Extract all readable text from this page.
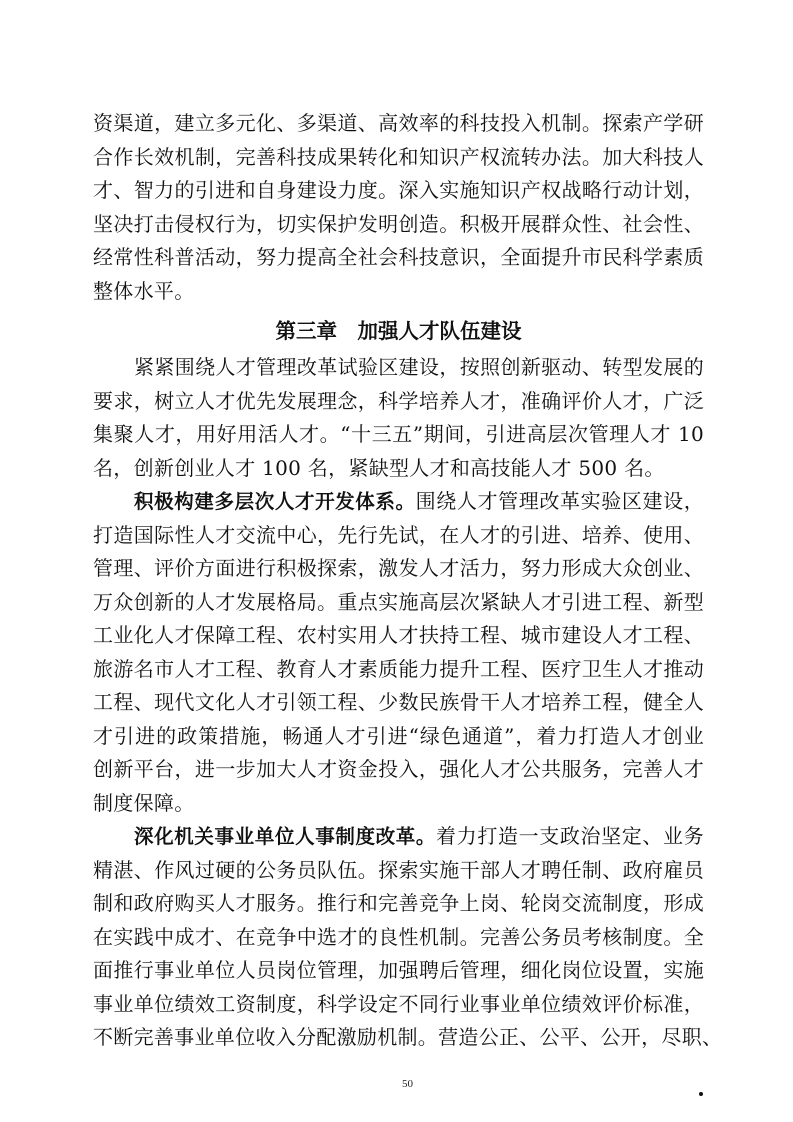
资渠道，建立多元化、多渠道、高效率的科技投入机制。探索产学研
合作长效机制，完善科技成果转化和知识产权流转办法。加大科技人
才、智力的引进和自身建设力度。深入实施知识产权战略行动计划，
坚决打击侵权行为，切实保护发明创造。积极开展群众性、社会性、
经常性科普活动，努力提高全社会科技意识，全面提升市民科学素质
整体水平。
第三章　加强人才队伍建设
紧紧围绕人才管理改革试验区建设，按照创新驱动、转型发展的
要求，树立人才优先发展理念，科学培养人才，准确评价人才，广泛
集聚人才，用好用活人才。“十三五”期间，引进高层次管理人才 10
名，创新创业人才 100 名，紧缺型人才和高技能人才 500 名。
积极构建多层次人才开发体系。围绕人才管理改革实验区建设，
打造国际性人才交流中心，先行先试，在人才的引进、培养、使用、
管理、评价方面进行积极探索，激发人才活力，努力形成大众创业、
万众创新的人才发展格局。重点实施高层次紧缺人才引进工程、新型
工业化人才保障工程、农村实用人才扶持工程、城市建设人才工程、
旅游名市人才工程、教育人才素质能力提升工程、医疗卫生人才推动
工程、现代文化人才引领工程、少数民族骨干人才培养工程，健全人
才引进的政策措施，畅通人才引进“绿色通道”，着力打造人才创业
创新平台，进一步加大人才资金投入，强化人才公共服务，完善人才
制度保障。
深化机关事业单位人事制度改革。着力打造一支政治坚定、业务
精湛、作风过硬的公务员队伍。探索实施干部人才聘任制、政府雇员
制和政府购买人才服务。推行和完善竞争上岗、轮岗交流制度，形成
在实践中成才、在竞争中选才的良性机制。完善公务员考核制度。全
面推行事业单位人员岗位管理，加强聘后管理，细化岗位设置，实施
事业单位绩效工资制度，科学设定不同行业事业单位绩效评价标准，
不断完善事业单位收入分配激励机制。营造公正、公平、公开，尽职、
50
